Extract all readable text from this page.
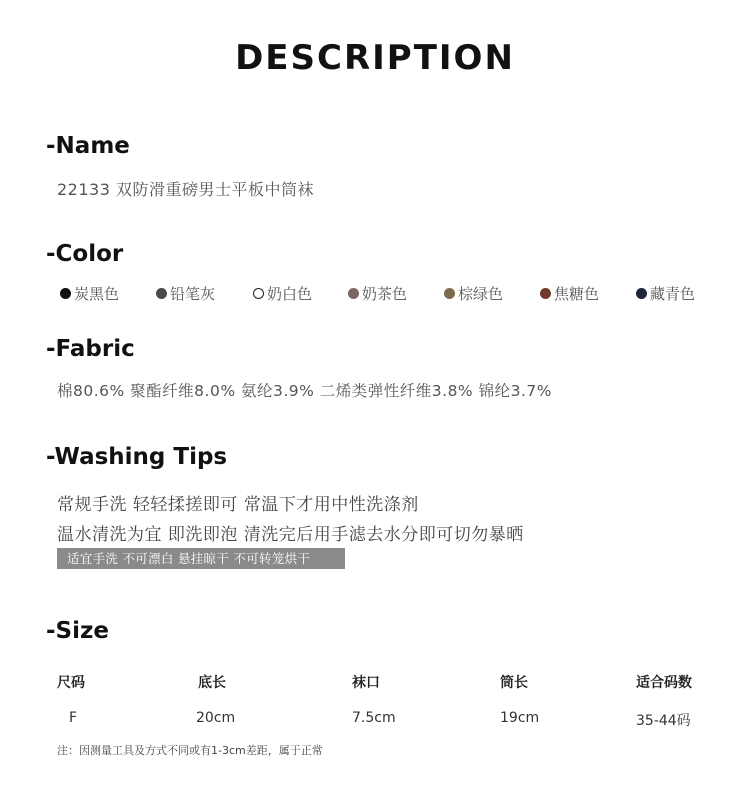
DESCRIPTION
-Name
22133 双防滑重磅男士平板中筒袜
-Color
炭黑色	铅笔灰	奶白色	奶茶色	棕绿色	焦糖色	藏青色
-Fabric
棉80.6% 聚酯纤维8.0% 氨纶3.9% 二烯类弹性纤维3.8% 锦纶3.7%
-Washing Tips
常规手洗 轻轻揉搓即可 常温下才用中性洗涤剂
温水清洗为宜 即洗即泡 清洗完后用手滤去水分即可切勿暴晒
适宜手洗 不可漂白 悬挂晾干 不可转笼烘干
-Size
尺码	底长	袜口	筒长	适合码数
F	20cm	7.5cm	19cm	35-44码
注：因测量工具及方式不同或有1-3cm差距，属于正常
